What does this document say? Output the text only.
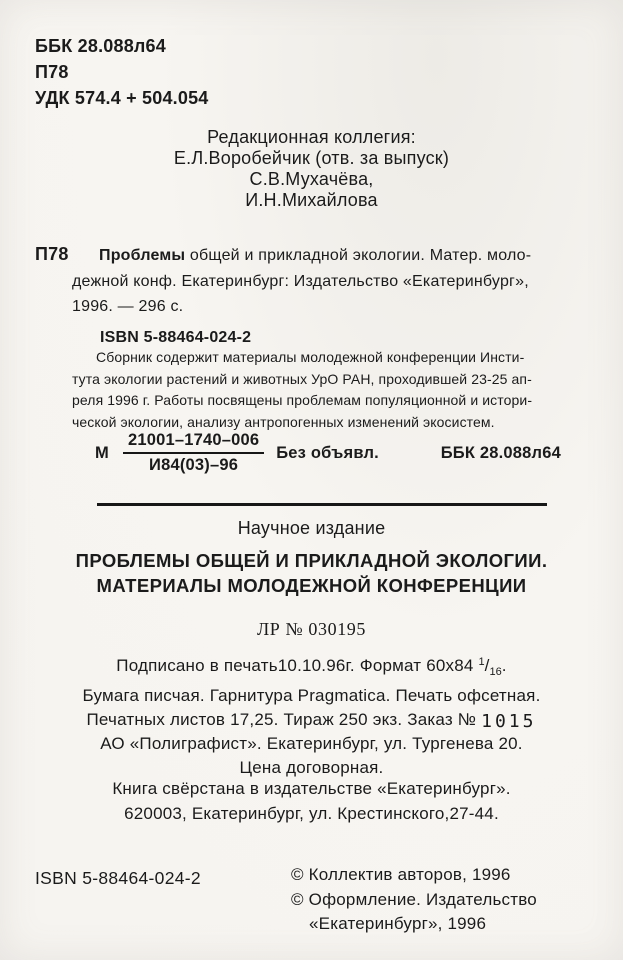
ББК 28.088л64
П78
УДК 574.4 + 504.054
Редакционная коллегия:
Е.Л.Воробейчик (отв. за выпуск)
С.В.Мухачёва,
И.Н.Михайлова
П78	Проблемы общей и прикладной экологии. Матер. моло-
дежной конф. Екатеринбург: Издательство «Екатеринбург»,
1996. — 296 с.
ISBN 5-88464-024-2
Сборник содержит материалы молодежной конференции Инсти-
тута экологии растений и животных УрО РАН, проходившей 23-25 ап-
реля 1996 г. Работы посвящены проблемам популяционной и истори-
ческой экологии, анализу антропогенных изменений экосистем.
М $\frac{21001-1740-006}{И84(03)-96}$ Без объявл.	ББК 28.088л64
Научное издание
ПРОБЛЕМЫ ОБЩЕЙ И ПРИКЛАДНОЙ ЭКОЛОГИИ.
МАТЕРИАЛЫ МОЛОДЕЖНОЙ КОНФЕРЕНЦИИ
ЛР № 030195
Подписано в печать10.10.96г. Формат 60х84 $^1/_{16}$.
Бумага писчая. Гарнитура Pragmatica. Печать офсетная.
Печатных листов 17,25. Тираж 250 экз. Заказ № 1015
АО «Полиграфист». Екатеринбург, ул. Тургенева 20.
Цена договорная.
Книга свёрстана в издательстве «Екатеринбург».
620003, Екатеринбург, ул. Крестинского,27-44.
ISBN 5-88464-024-2	© Коллектив авторов, 1996
© Оформление. Издательство
«Екатеринбург», 1996
